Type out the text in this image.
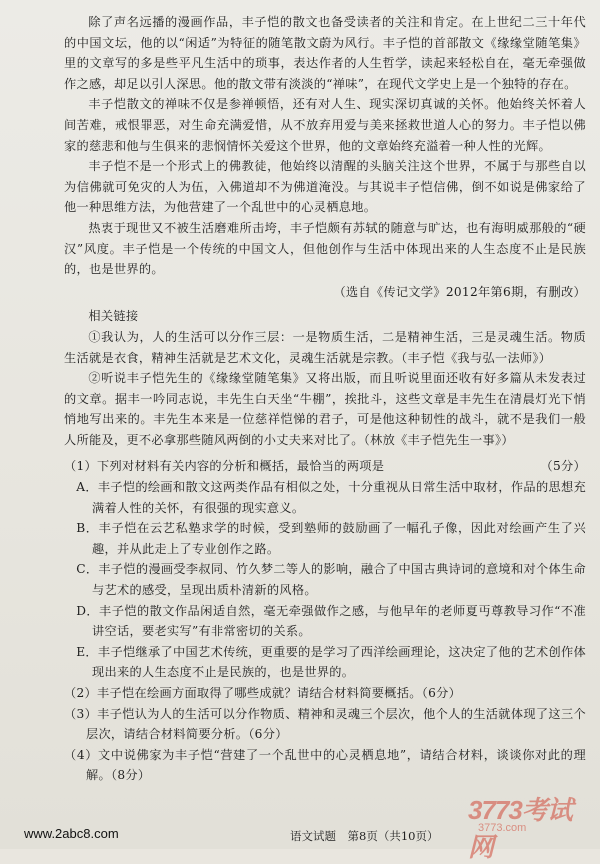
除了声名远播的漫画作品，丰子恺的散文也备受读者的关注和肯定。在上世纪二三十年代的中国文坛，他的以“闲适”为特征的随笔散文蔚为风行。丰子恺的首部散文《缘缘堂随笔集》里的文章写的多是些平凡生活中的琐事，表达作者的人生哲学，读起来轻松自在，毫无牵强做作之感，却足以引人深思。他的散文带有淡淡的“禅味”，在现代文学史上是一个独特的存在。

丰子恺散文的禅味不仅是参禅顿悟，还有对人生、现实深切真诚的关怀。他始终关怀着人间苦难，戒恨罪恶，对生命充满爱惜，从不放弃用爱与美来拯救世道人心的努力。丰子恺以佛家的慈悲和他与生俱来的悲悯情怀关爱这个世界，他的文章始终充溢着一种人性的光辉。

丰子恺不是一个形式上的佛教徒，他始终以清醒的头脑关注这个世界，不属于与那些自以为信佛就可免灾的人为伍，入佛道却不为佛道淹没。与其说丰子恺信佛，倒不如说是佛家给了他一种思维方法，为他营建了一个乱世中的心灵栖息地。

热衷于现世又不被生活磨难所击垮，丰子恺颇有苏轼的随意与旷达，也有海明威那般的“硬汉”风度。丰子恺是一个传统的中国文人，但他创作与生活中体现出来的人生态度不止是民族的，也是世界的。

（选自《传记文学》2012年第6期，有删改）

相关链接

①我认为，人的生活可以分作三层：一是物质生活，二是精神生活，三是灵魂生活。物质生活就是衣食，精神生活就是艺术文化，灵魂生活就是宗教。（丰子恺《我与弘一法师》）

②听说丰子恺先生的《缘缘堂随笔集》又将出版，而且听说里面还收有好多篇从未发表过的文章。据丰一吟同志说，丰先生白天坐“牛棚”，挨批斗，这些文章是丰先生在清晨灯光下悄悄地写出来的。丰先生本来是一位慈祥恺悌的君子，可是他这种韧性的战斗，就不是我们一般人所能及，更不必拿那些随风两倒的小丈夫来对比了。（林放《丰子恺先生一事》）

（1）下列对材料有关内容的分析和概括，最恰当的两项是	（5分）

A．丰子恺的绘画和散文这两类作品有相似之处，十分重视从日常生活中取材，作品的思想充满着人性的关怀，有很强的现实意义。

B．丰子恺在云艺私塾求学的时候，受到塾师的鼓励画了一幅孔子像，因此对绘画产生了兴趣，并从此走上了专业创作之路。

C．丰子恺的漫画受李叔同、竹久梦二等人的影响，融合了中国古典诗词的意境和对个体生命与艺术的感受，呈现出质朴清新的风格。

D．丰子恺的散文作品闲适自然，毫无牵强做作之感，与他早年的老师夏丏尊教导习作“不准讲空话，要老实写”有非常密切的关系。

E．丰子恺继承了中国艺术传统，更重要的是学习了西洋绘画理论，这决定了他的艺术创作体现出来的人生态度不止是民族的，也是世界的。

（2）丰子恺在绘画方面取得了哪些成就？请结合材料简要概括。（6分）

（3）丰子恺认为人的生活可以分作物质、精神和灵魂三个层次，他个人的生活就体现了这三个层次，请结合材料简要分析。（6分）

（4）文中说佛家为丰子恺“营建了一个乱世中的心灵栖息地”，请结合材料，谈谈你对此的理解。（8分）

3773考试网
3773.com
www.2abc8.com	语文试题　第8页（共10页）
